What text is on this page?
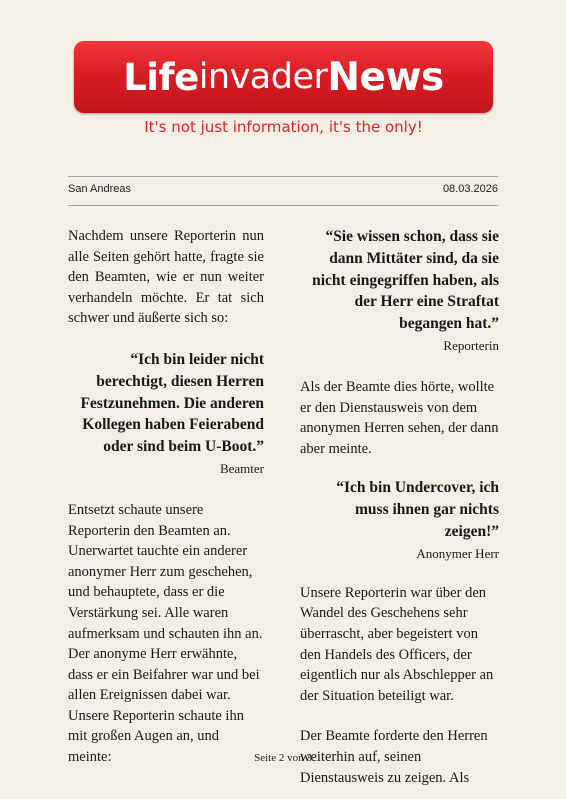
Life invader News
It's not just information, it's the only!
San Andreas	08.03.2026

Nachdem unsere Reporterin nun alle Seiten gehört hatte, fragte sie den Beamten, wie er nun weiter verhandeln möchte. Er tat sich schwer und äußerte sich so:

“Ich bin leider nicht berechtigt, diesen Herren Festzunehmen. Die anderen Kollegen haben Feierabend oder sind beim U-Boot.”
Beamter

Entsetzt schaute unsere Reporterin den Beamten an. Unerwartet tauchte ein anderer anonymer Herr zum geschehen, und behauptete, dass er die Verstärkung sei. Alle waren aufmerksam und schauten ihn an. Der anonyme Herr erwähnte, dass er ein Beifahrer war und bei allen Ereignissen dabei war. Unsere Reporterin schaute ihn mit großen Augen an, und meinte:

“Sie wissen schon, dass sie dann Mittäter sind, da sie nicht eingegriffen haben, als der Herr eine Straftat begangen hat.”
Reporterin

Als der Beamte dies hörte, wollte er den Dienstausweis von dem anonymen Herren sehen, der dann aber meinte.

“Ich bin Undercover, ich muss ihnen gar nichts zeigen!”
Anonymer Herr

Unsere Reporterin war über den Wandel des Geschehens sehr überrascht, aber begeistert von den Handels des Officers, der eigentlich nur als Abschlepper an der Situation beteiligt war.

Der Beamte forderte den Herren weiterhin auf, seinen Dienstausweis zu zeigen. Als

Seite 2 von 3
